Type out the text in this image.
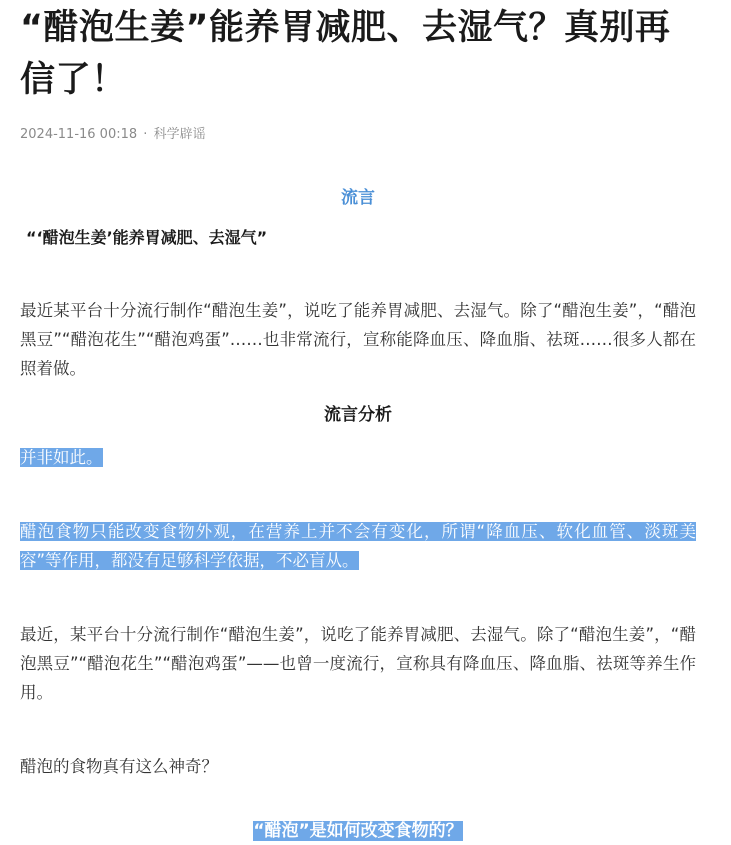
“醋泡生姜”能养胃减肥、去湿气？真别再信了！
2024-11-16 00:18 · 科学辟谣
流言
“‘醋泡生姜’能养胃减肥、去湿气”

最近某平台十分流行制作“醋泡生姜”，说吃了能养胃减肥、去湿气。除了“醋泡生姜”，“醋泡黑豆”“醋泡花生”“醋泡鸡蛋”……也非常流行，宣称能降血压、降血脂、祛斑……很多人都在照着做。

流言分析

并非如此。

醋泡食物只能改变食物外观，在营养上并不会有变化，所谓“降血压、软化血管、淡斑美容”等作用，都没有足够科学依据，不必盲从。

最近，某平台十分流行制作“醋泡生姜”，说吃了能养胃减肥、去湿气。除了“醋泡生姜”，“醋泡黑豆”“醋泡花生”“醋泡鸡蛋”——也曾一度流行，宣称具有降血压、降血脂、祛斑等养生作用。

醋泡的食物真有这么神奇？

“醋泡”是如何改变食物的？
